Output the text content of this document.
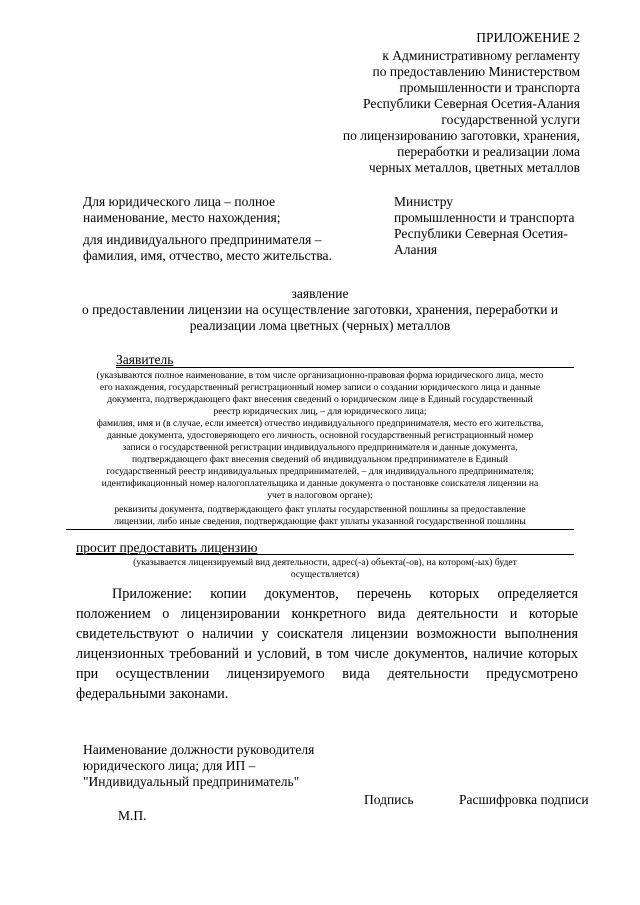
ПРИЛОЖЕНИЕ 2
к Административному регламенту
по предоставлению Министерством
промышленности и транспорта
Республики Северная Осетия-Алания
государственной услуги
по лицензированию заготовки, хранения,
переработки и реализации лома
черных металлов, цветных металлов
Для юридического лица – полное
наименование, место нахождения;
для индивидуального предпринимателя –
фамилия, имя, отчество, место жительства.
Министру
промышленности и транспорта
Республики Северная Осетия-
Алания
заявление
о предоставлении лицензии на осуществление заготовки, хранения, переработки и
реализации лома цветных (черных) металлов
Заявитель
(указываются полное наименование, в том числе организационно-правовая форма юридического лица, место
его нахождения, государственный регистрационный номер записи о создании юридического лица и данные
документа, подтверждающего факт внесения сведений о юридическом лице в Единый государственный
реестр юридических лиц, – для юридического лица;
фамилия, имя и (в случае, если имеется) отчество индивидуального предпринимателя, место его жительства,
данные документа, удостоверяющего его личность, основной государственный регистрационный номер
записи о государственной регистрации индивидуального предпринимателя и данные документа,
подтверждающего факт внесения сведений об индивидуальном предпринимателе в Единый
государственный реестр индивидуальных предпринимателей, – для индивидуального предпринимателя;
идентификационный номер налогоплательщика и данные документа о постановке соискателя лицензии на
учет в налоговом органе);
реквизиты документа, подтверждающего факт уплаты государственной пошлины за предоставление
лицензии, либо иные сведения, подтверждающие факт уплаты указанной государственной пошлины
просит предоставить лицензию
(указывается лицензируемый вид деятельности, адрес(-а) объекта(-ов), на котором(-ых) будет
осуществляется)
Приложение: копии документов, перечень которых определяется
положением о лицензировании конкретного вида деятельности и которые
свидетельствуют о наличии у соискателя лицензии возможности выполнения
лицензионных требований и условий, в том числе документов, наличие которых
при осуществлении лицензируемого вида деятельности предусмотрено
федеральными законами.
Наименование должности руководителя
юридического лица; для ИП –
"Индивидуальный предприниматель"
Подпись	Расшифровка подписи
М.П.
